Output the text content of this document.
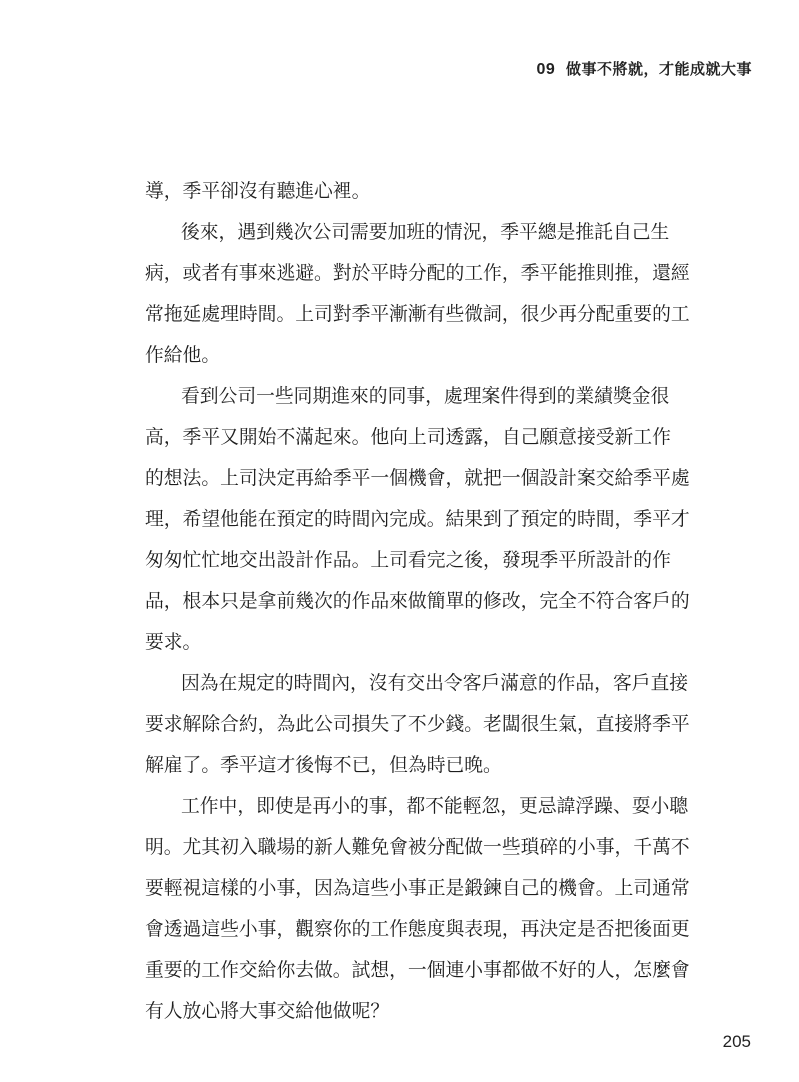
09 做事不將就，才能成就大事
導，季平卻沒有聽進心裡。
後來，遇到幾次公司需要加班的情況，季平總是推託自己生
病，或者有事來逃避。對於平時分配的工作，季平能推則推，還經
常拖延處理時間。上司對季平漸漸有些微詞，很少再分配重要的工
作給他。
看到公司一些同期進來的同事，處理案件得到的業績獎金很
高，季平又開始不滿起來。他向上司透露，自己願意接受新工作
的想法。上司決定再給季平一個機會，就把一個設計案交給季平處
理，希望他能在預定的時間內完成。結果到了預定的時間，季平才
匆匆忙忙地交出設計作品。上司看完之後，發現季平所設計的作
品，根本只是拿前幾次的作品來做簡單的修改，完全不符合客戶的
要求。
因為在規定的時間內，沒有交出令客戶滿意的作品，客戶直接
要求解除合約，為此公司損失了不少錢。老闆很生氣，直接將季平
解雇了。季平這才後悔不已，但為時已晚。
工作中，即使是再小的事，都不能輕忽，更忌諱浮躁、耍小聰
明。尤其初入職場的新人難免會被分配做一些瑣碎的小事，千萬不
要輕視這樣的小事，因為這些小事正是鍛鍊自己的機會。上司通常
會透過這些小事，觀察你的工作態度與表現，再決定是否把後面更
重要的工作交給你去做。試想，一個連小事都做不好的人，怎麼會
有人放心將大事交給他做呢？
205
